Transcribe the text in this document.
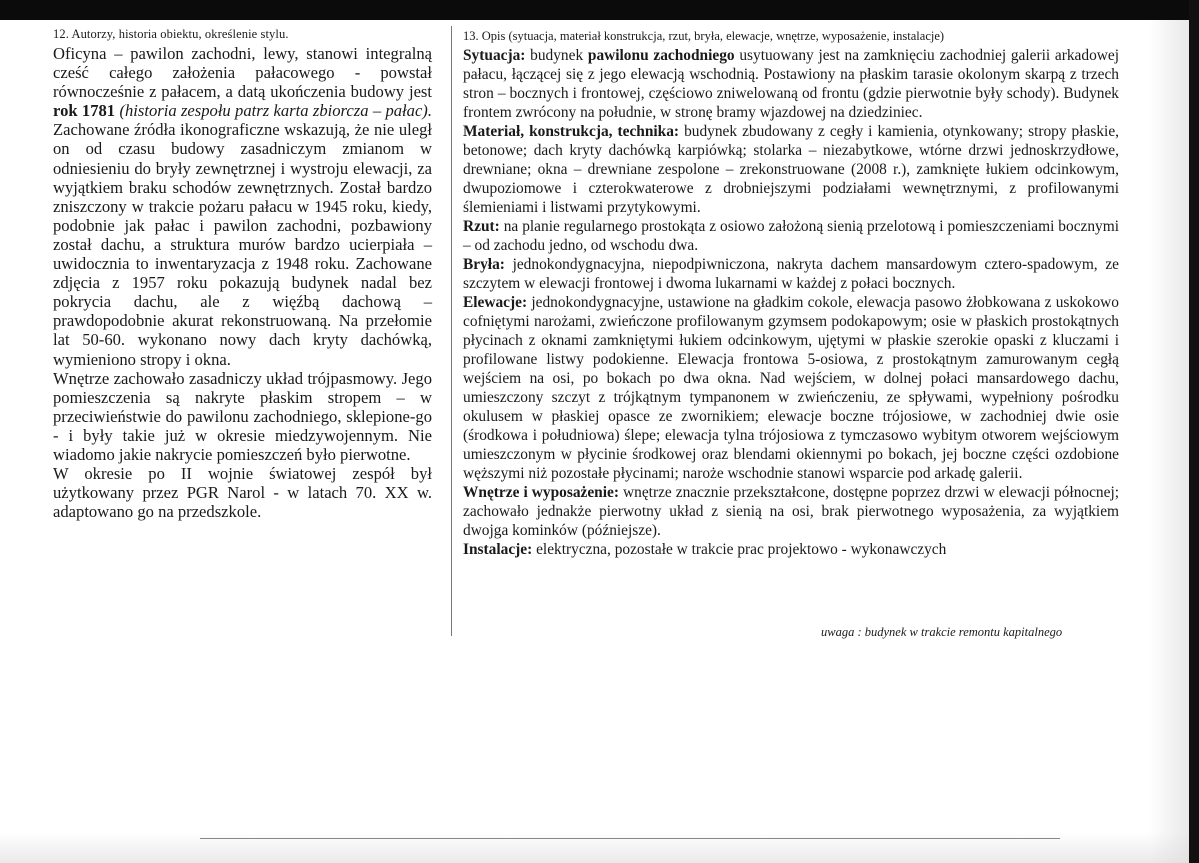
12. Autorzy, historia obiektu, określenie stylu.

Oficyna – pawilon zachodni, lewy, stanowi integralną cześć całego założenia pałacowego - powstał równocześnie z pałacem, a datą ukończenia budowy jest rok 1781 (historia zespołu patrz karta zbiorcza – pałac). Zachowane źródła ikonograficzne wskazują, że nie uległ on od czasu budowy zasadniczym zmianom w odniesieniu do bryły zewnętrznej i wystroju elewacji, za wyjątkiem braku schodów zewnętrznych. Został bardzo zniszczony w trakcie pożaru pałacu w 1945 roku, kiedy, podobnie jak pałac i pawilon zachodni, pozbawiony został dachu, a struktura murów bardzo ucierpiała – uwidocznia to inwentaryzacja z 1948 roku. Zachowane zdjęcia z 1957 roku pokazują budynek nadal bez pokrycia dachu, ale z więźbą dachową – prawdopodobnie akurat rekonstruowaną. Na przełomie lat 50-60. wykonano nowy dach kryty dachówką, wymieniono stropy i okna.

Wnętrze zachowało zasadniczy układ trójpasmowy. Jego pomieszczenia są nakryte płaskim stropem – w przeciwieństwie do pawilonu zachodniego, sklepione-go - i były takie już w okresie miedzywojennym. Nie wiadomo jakie nakrycie pomieszczeń było pierwotne.

W okresie po II wojnie światowej zespół był użytkowany przez PGR Narol - w latach 70. XX w. adaptowano go na przedszkole.

13. Opis (sytuacja, materiał konstrukcja, rzut, bryła, elewacje, wnętrze, wyposażenie, instalacje)

Sytuacja: budynek pawilonu zachodniego usytuowany jest na zamknięciu zachodniej galerii arkadowej pałacu, łączącej się z jego elewacją wschodnią. Postawiony na płaskim tarasie okolonym skarpą z trzech stron – bocznych i frontowej, częściowo zniwelowaną od frontu (gdzie pierwotnie były schody). Budynek frontem zwrócony na południe, w stronę bramy wjazdowej na dziedziniec.

Materiał, konstrukcja, technika: budynek zbudowany z cegły i kamienia, otynkowany; stropy płaskie, betonowe; dach kryty dachówką karpiówką; stolarka – niezabytkowe, wtórne drzwi jednoskrzydłowe, drewniane; okna – drewniane zespolone – zrekonstruowane (2008 r.), zamknięte łukiem odcinkowym, dwupoziomowe i czterokwaterowe z drobniejszymi podziałami wewnętrznymi, z profilowanymi ślemieniami i listwami przytykowymi.

Rzut: na planie regularnego prostokąta z osiowo założoną sienią przelotową i pomieszczeniami bocznymi – od zachodu jedno, od wschodu dwa.

Bryła: jednokondygnacyjna, niepodpiwniczona, nakryta dachem mansardowym cztero-spadowym, ze szczytem w elewacji frontowej i dwoma lukarnami w każdej z połaci bocznych.

Elewacje: jednokondygnacyjne, ustawione na gładkim cokole, elewacja pasowo żłobkowana z uskokowo cofniętymi narożami, zwieńczone profilowanym gzymsem podokapowym; osie w płaskich prostokątnych płycinach z oknami zamkniętymi łukiem odcinkowym, ujętymi w płaskie szerokie opaski z kluczami i profilowane listwy podokienne. Elewacja frontowa 5-osiowa, z prostokątnym zamurowanym cegłą wejściem na osi, po bokach po dwa okna. Nad wejściem, w dolnej połaci mansardowego dachu, umieszczony szczyt z trójkątnym tympanonem w zwieńczeniu, ze spływami, wypełniony pośrodku okulusem w płaskiej opasce ze zwornikiem; elewacje boczne trójosiowe, w zachodniej dwie osie (środkowa i południowa) ślepe; elewacja tylna trójosiowa z tymczasowo wybitym otworem wejściowym umieszczonym w płycinie środkowej oraz blendami okiennymi po bokach, jej boczne części ozdobione węższymi niż pozostałe płycinami; naroże wschodnie stanowi wsparcie pod arkadę galerii.

Wnętrze i wyposażenie: wnętrze znacznie przekształcone, dostępne poprzez drzwi w elewacji północnej; zachowało jednakże pierwotny układ z sienią na osi, brak pierwotnego wyposażenia, za wyjątkiem dwojga kominków (późniejsze).

Instalacje: elektryczna, pozostałe w trakcie prac projektowo - wykonawczych

uwaga : budynek w trakcie remontu kapitalnego
